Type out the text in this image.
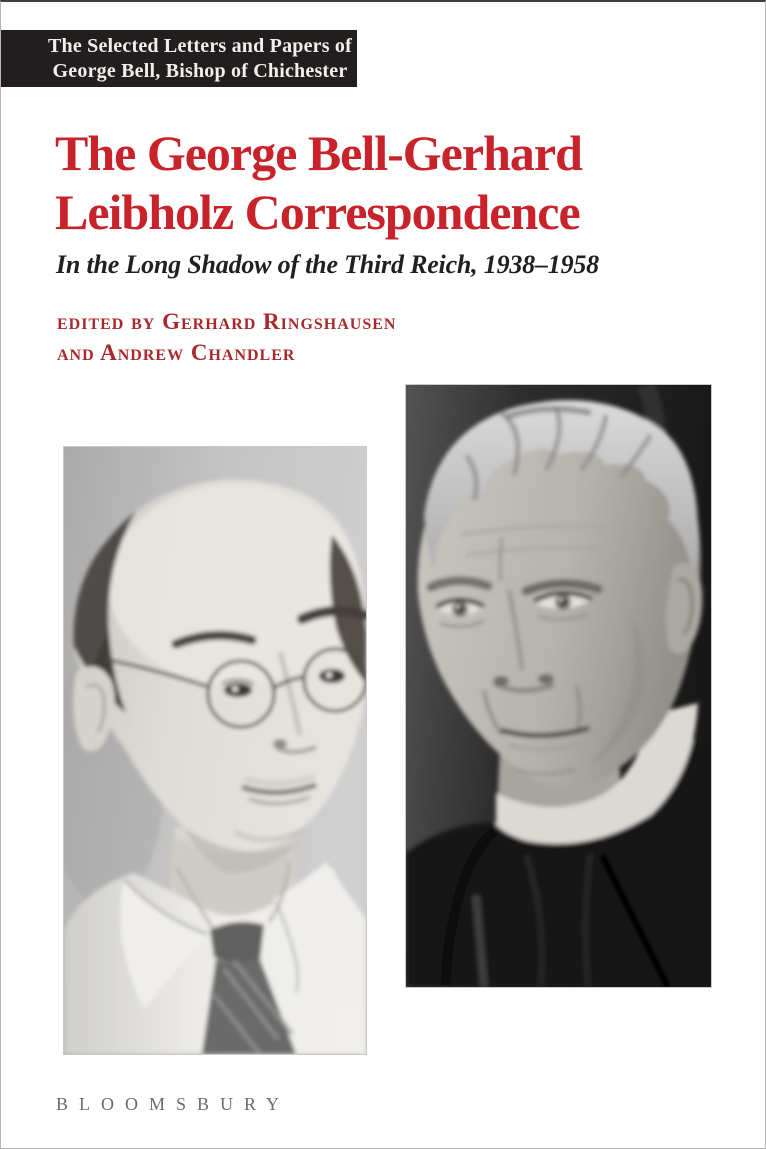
The Selected Letters and Papers of
George Bell, Bishop of Chichester
The George Bell-Gerhard
Leibholz Correspondence
In the Long Shadow of the Third Reich, 1938–1958
edited by Gerhard Ringshausen
and Andrew Chandler
BLOOMSBURY
